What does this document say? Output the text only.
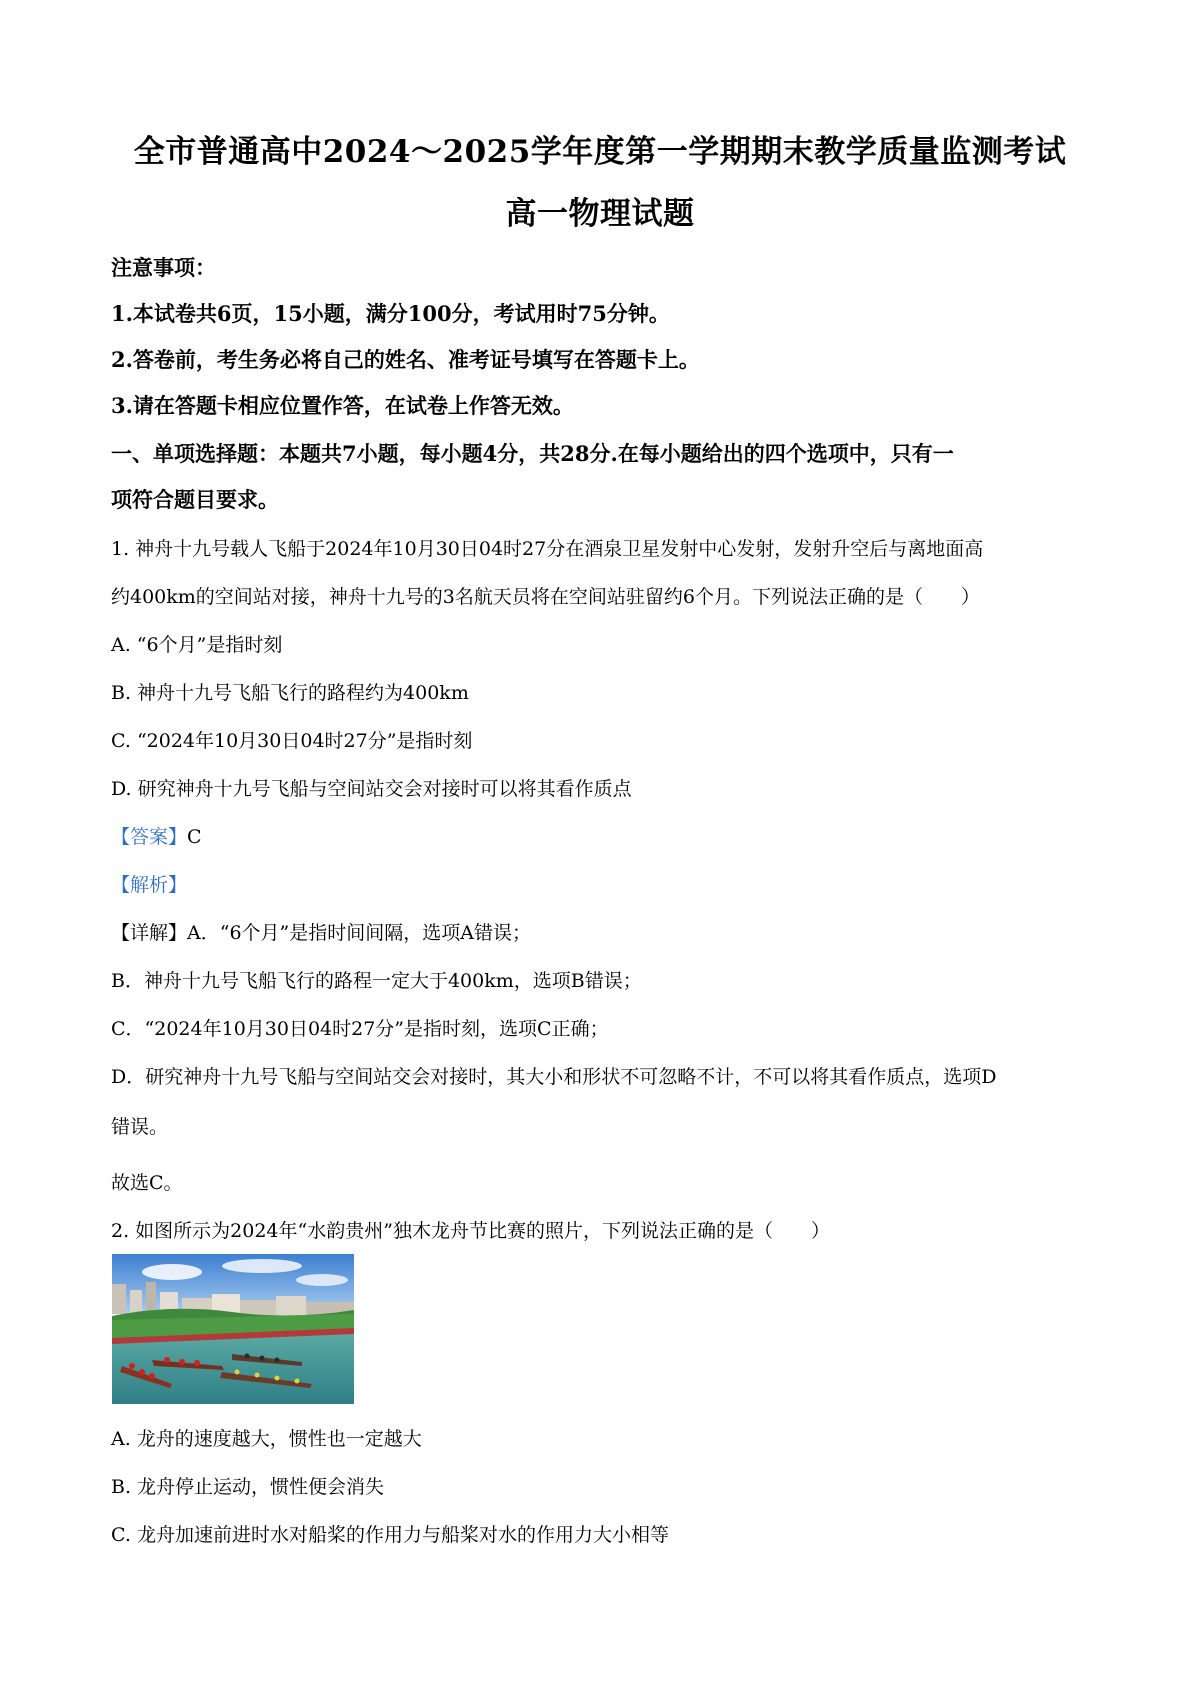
全市普通高中2024～2025学年度第一学期期末教学质量监测考试
高一物理试题
注意事项：
1.本试卷共6页，15小题，满分100分，考试用时75分钟。
2.答卷前，考生务必将自己的姓名、准考证号填写在答题卡上。
3.请在答题卡相应位置作答，在试卷上作答无效。
一、单项选择题：本题共7小题，每小题4分，共28分.在每小题给出的四个选项中，只有一
项符合题目要求。
1. 神舟十九号载人飞船于2024年10月30日04时27分在酒泉卫星发射中心发射，发射升空后与离地面高
约400km的空间站对接，神舟十九号的3名航天员将在空间站驻留约6个月。下列说法正确的是（　　）
A. “6个月”是指时刻
B. 神舟十九号飞船飞行的路程约为400km
C. “2024年10月30日04时27分”是指时刻
D. 研究神舟十九号飞船与空间站交会对接时可以将其看作质点
【答案】C
【解析】
【详解】A．“6个月”是指时间间隔，选项A错误；
B．神舟十九号飞船飞行的路程一定大于400km，选项B错误；
C．“2024年10月30日04时27分”是指时刻，选项C正确；
D．研究神舟十九号飞船与空间站交会对接时，其大小和形状不可忽略不计，不可以将其看作质点，选项D
错误。
故选C。
2. 如图所示为2024年“水韵贵州”独木龙舟节比赛的照片，下列说法正确的是（　　）
A. 龙舟的速度越大，惯性也一定越大
B. 龙舟停止运动，惯性便会消失
C. 龙舟加速前进时水对船桨的作用力与船桨对水的作用力大小相等
